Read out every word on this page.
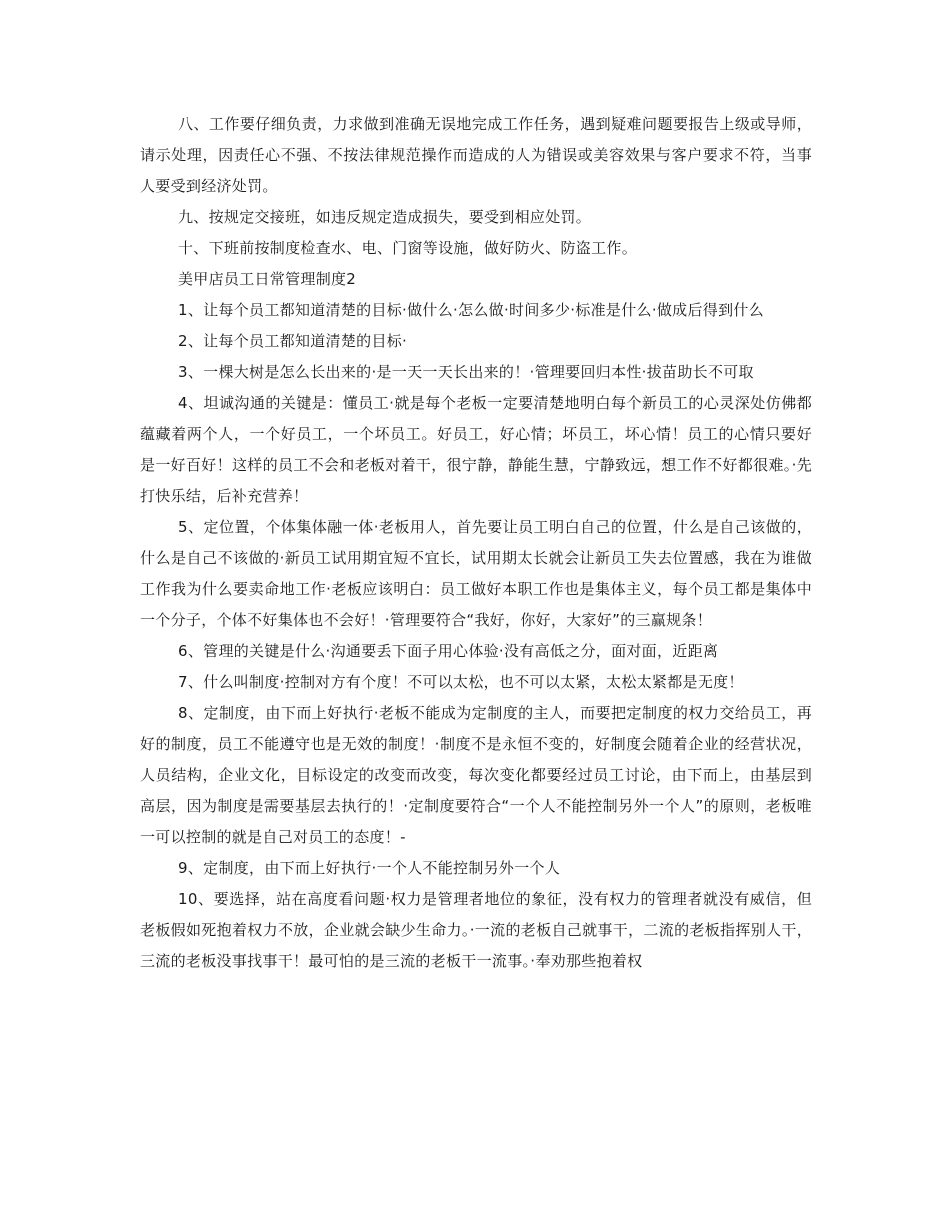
八、工作要仔细负责，力求做到准确无误地完成工作任务，遇到疑难问题要报告上级或导师，请示处理，因责任心不强、不按法律规范操作而造成的人为错误或美容效果与客户要求不符，当事人要受到经济处罚。

九、按规定交接班，如违反规定造成损失，要受到相应处罚。

十、下班前按制度检查水、电、门窗等设施，做好防火、防盗工作。

美甲店员工日常管理制度2

1、让每个员工都知道清楚的目标·做什么·怎么做·时间多少·标准是什么·做成后得到什么

2、让每个员工都知道清楚的目标·

3、一棵大树是怎么长出来的·是一天一天长出来的！·管理要回归本性·拔苗助长不可取

4、坦诚沟通的关键是：懂员工·就是每个老板一定要清楚地明白每个新员工的心灵深处仿佛都蕴藏着两个人，一个好员工，一个坏员工。好员工，好心情；坏员工，坏心情！员工的心情只要好是一好百好！这样的员工不会和老板对着干，很宁静，静能生慧，宁静致远，想工作不好都很难。·先打快乐结，后补充营养！

5、定位置，个体集体融一体·老板用人，首先要让员工明白自己的位置，什么是自己该做的，什么是自己不该做的·新员工试用期宜短不宜长，试用期太长就会让新员工失去位置感，我在为谁做工作我为什么要卖命地工作·老板应该明白：员工做好本职工作也是集体主义，每个员工都是集体中一个分子，个体不好集体也不会好！·管理要符合“我好，你好，大家好”的三赢规条！

6、管理的关键是什么·沟通要丢下面子用心体验·没有高低之分，面对面，近距离

7、什么叫制度·控制对方有个度！不可以太松，也不可以太紧，太松太紧都是无度！

8、定制度，由下而上好执行·老板不能成为定制度的主人，而要把定制度的权力交给员工，再好的制度，员工不能遵守也是无效的制度！·制度不是永恒不变的，好制度会随着企业的经营状况，人员结构，企业文化，目标设定的改变而改变，每次变化都要经过员工讨论，由下而上，由基层到高层，因为制度是需要基层去执行的！·定制度要符合“一个人不能控制另外一个人”的原则，老板唯一可以控制的就是自己对员工的态度！-

9、定制度，由下而上好执行·一个人不能控制另外一个人

10、要选择，站在高度看问题·权力是管理者地位的象征，没有权力的管理者就没有威信，但老板假如死抱着权力不放，企业就会缺少生命力。·一流的老板自己就事干，二流的老板指挥别人干，三流的老板没事找事干！最可怕的是三流的老板干一流事。·奉劝那些抱着权
